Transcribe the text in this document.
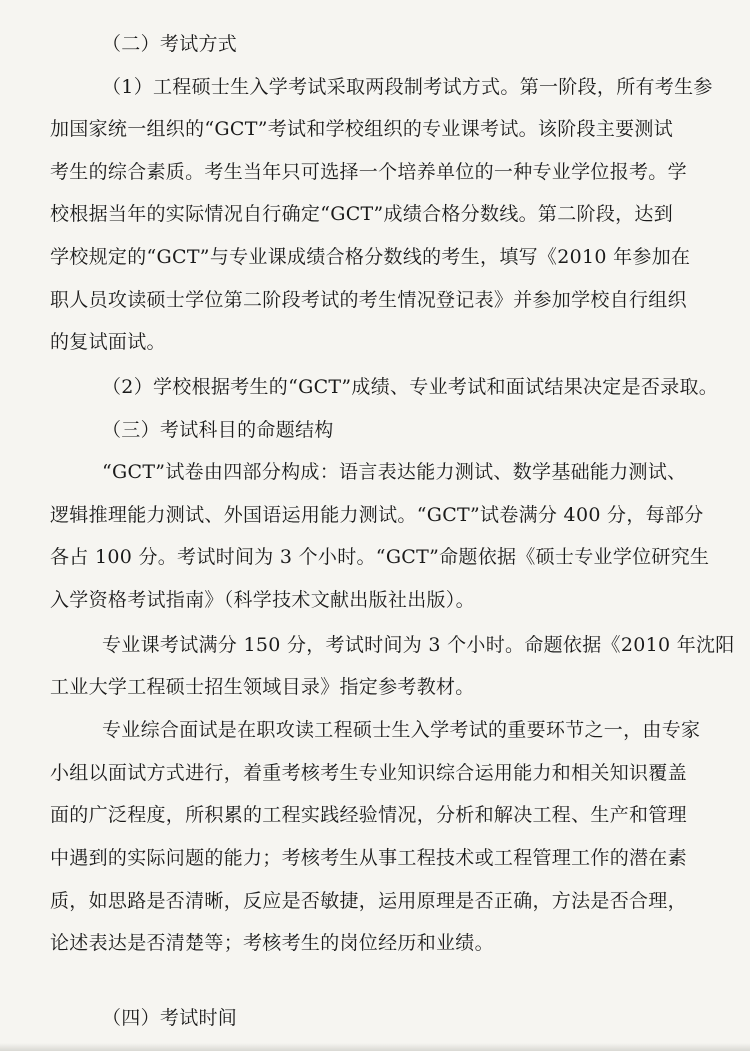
（二）考试方式
（1）工程硕士生入学考试采取两段制考试方式。第一阶段，所有考生参
加国家统一组织的“GCT”考试和学校组织的专业课考试。该阶段主要测试
考生的综合素质。考生当年只可选择一个培养单位的一种专业学位报考。学
校根据当年的实际情况自行确定“GCT”成绩合格分数线。第二阶段，达到
学校规定的“GCT”与专业课成绩合格分数线的考生，填写《2010 年参加在
职人员攻读硕士学位第二阶段考试的考生情况登记表》并参加学校自行组织
的复试面试。
（2）学校根据考生的“GCT”成绩、专业考试和面试结果决定是否录取。
（三）考试科目的命题结构
“GCT”试卷由四部分构成：语言表达能力测试、数学基础能力测试、
逻辑推理能力测试、外国语运用能力测试。“GCT”试卷满分 400 分，每部分
各占 100 分。考试时间为 3 个小时。“GCT”命题依据《硕士专业学位研究生
入学资格考试指南》（科学技术文献出版社出版）。
专业课考试满分 150 分，考试时间为 3 个小时。命题依据《2010 年沈阳
工业大学工程硕士招生领域目录》指定参考教材。
专业综合面试是在职攻读工程硕士生入学考试的重要环节之一，由专家
小组以面试方式进行，着重考核考生专业知识综合运用能力和相关知识覆盖
面的广泛程度，所积累的工程实践经验情况，分析和解决工程、生产和管理
中遇到的实际问题的能力；考核考生从事工程技术或工程管理工作的潜在素
质，如思路是否清晰，反应是否敏捷，运用原理是否正确，方法是否合理，
论述表达是否清楚等；考核考生的岗位经历和业绩。
（四）考试时间
